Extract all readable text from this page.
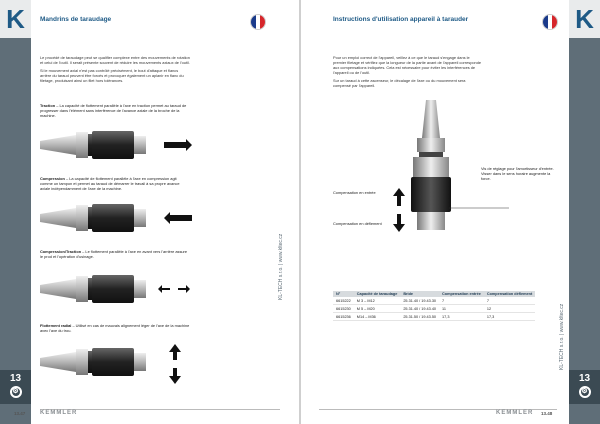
K
13
⚙
KL-TECH s.r.o. | www.kltec.cz
Mandrins de taraudage

Le procédé de taraudage peut se qualifier complexe entre des mouvements de rotation et celui de l'outil. Il serait présente souvent de réduire les mouvements axiaux de l'outil.

Si le mouvement axial n'est pas contrôlé précisément, le bout d'attaque et flancs arrière du taraud peuvent être forcés et provoquer également un aplanir en flanc du filetage, produisant ainsi un filet hors tolérances.

Traction – La capacité de flottement parallèle à l'axe en traction permet au taraud de progresser dans l'élément sans interférence de l'avance axiale de la broche de la machine.
Compression – La capacité de flottement parallèle à l'axe en compression agit comme un tampon et permet au taraud de démarrer le travail à sa propre avance axiale indépendamment de l'axe de la machine.
Compression/Traction – Le flottement parallèle à l'axe en avant vers l'arrière assure le prod et l'opération d'usinage.
Flottement radial – Utilisé en cas de mauvais alignement léger de l'axe de la machine avec l'axe du trou.
13.47 KEMMLER
K
13
⚙
KL-TECH s.r.o. | www.kltec.cz
Instructions d'utilisation appareil à tarauder

Pour un emploi correct de l'appareil, veillez à ce que le taraud s'engage dans le premier filetage et vérifiez que la longueur de la partie avant de l'appareil corresponde aux compensations indiquées. Cela est nécessaire pour éviter les interférences de l'appareil ou de l'outil.

Sur un taraud à cette ascenseur, le décalage de l'axe ou du mouvement sera compensé par l'appareil.

Compensation en entrée
Compensation en déflement
Vis de réglage pour l'amortisseur d'entrée. Visser dans le sens horaire augmente la force.
N°	Capacité de taraudage	Bride	Compensation entrée	Compensation déflement
6615222	M 3 – M12	25.31.40 / 19.43.30	7	7
6615230	M 5 – M20	25.31.40 / 19.43.40	11	12
6615236	M14 – M36	25.31.50 / 19.43.50	17,3	17,3
KEMMLER 13.48
